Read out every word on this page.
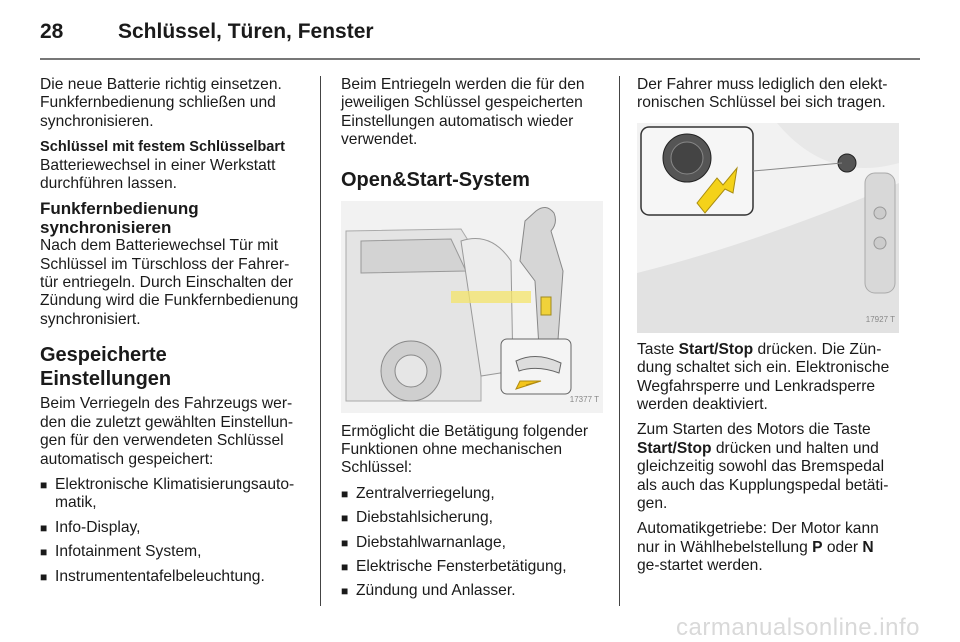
28	Schlüssel, Türen, Fenster

Die neue Batterie richtig einsetzen. Funkfernbedienung schließen und synchronisieren.

Schlüssel mit festem Schlüsselbart

Batteriewechsel in einer Werkstatt durchführen lassen.

Funkfernbedienung synchronisieren

Nach dem Batteriewechsel Tür mit Schlüssel im Türschloss der Fahrer-tür entriegeln. Durch Einschalten der Zündung wird die Funkfernbedienung synchronisiert.

Gespeicherte Einstellungen

Beim Verriegeln des Fahrzeugs wer-den die zuletzt gewählten Einstellun-gen für den verwendeten Schlüssel automatisch gespeichert:

■ Elektronische Klimatisierungsauto-matik,
■ Info-Display,
■ Infotainment System,
■ Instrumententafelbeleuchtung.

Beim Entriegeln werden die für den jeweiligen Schlüssel gespeicherten Einstellungen automatisch wieder verwendet.

Open&Start-System
17377 T

Ermöglicht die Betätigung folgender Funktionen ohne mechanischen Schlüssel:

■ Zentralverriegelung,
■ Diebstahlsicherung,
■ Diebstahlwarnanlage,
■ Elektrische Fensterbetätigung,
■ Zündung und Anlasser.

Der Fahrer muss lediglich den elekt-ronischen Schlüssel bei sich tragen.

17927 T

Taste Start/Stop drücken. Die Zün-dung schaltet sich ein. Elektronische Wegfahrsperre und Lenkradsperre werden deaktiviert.

Zum Starten des Motors die Taste Start/Stop drücken und halten und gleichzeitig sowohl das Bremspedal als auch das Kupplungspedal betäti-gen.

Automatikgetriebe: Der Motor kann nur in Wählhebelstellung P oder N ge-startet werden.

carmanualsonline.info
